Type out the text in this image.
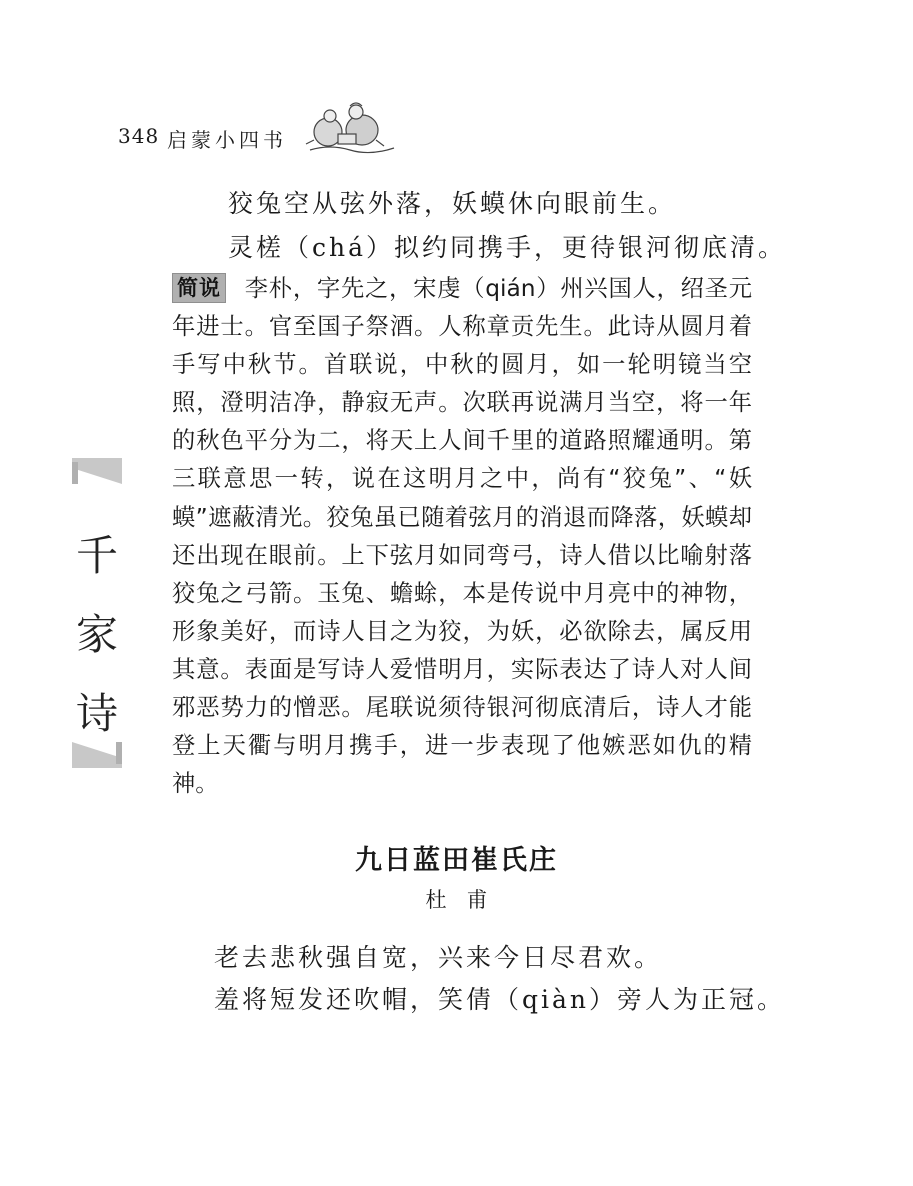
348 启蒙小四书
狡兔空从弦外落，妖蟆休向眼前生。
灵槎（chá）拟约同携手，更待银河彻底清。

简说 李朴，字先之，宋虔（qián）州兴国人，绍圣元年进士。官至国子祭酒。人称章贡先生。此诗从圆月着手写中秋节。首联说，中秋的圆月，如一轮明镜当空照，澄明洁净，静寂无声。次联再说满月当空，将一年的秋色平分为二，将天上人间千里的道路照耀通明。第三联意思一转，说在这明月之中，尚有“狡兔”、“妖蟆”遮蔽清光。狡兔虽已随着弦月的消退而降落，妖蟆却还出现在眼前。上下弦月如同弯弓，诗人借以比喻射落狡兔之弓箭。玉兔、蟾蜍，本是传说中月亮中的神物，形象美好，而诗人目之为狡，为妖，必欲除去，属反用其意。表面是写诗人爱惜明月，实际表达了诗人对人间邪恶势力的憎恶。尾联说须待银河彻底清后，诗人才能登上天衢与明月携手，进一步表现了他嫉恶如仇的精神。

千
家
诗
九日蓝田崔氏庄
杜甫
老去悲秋强自宽，兴来今日尽君欢。
羞将短发还吹帽，笑倩（qiàn）旁人为正冠。
